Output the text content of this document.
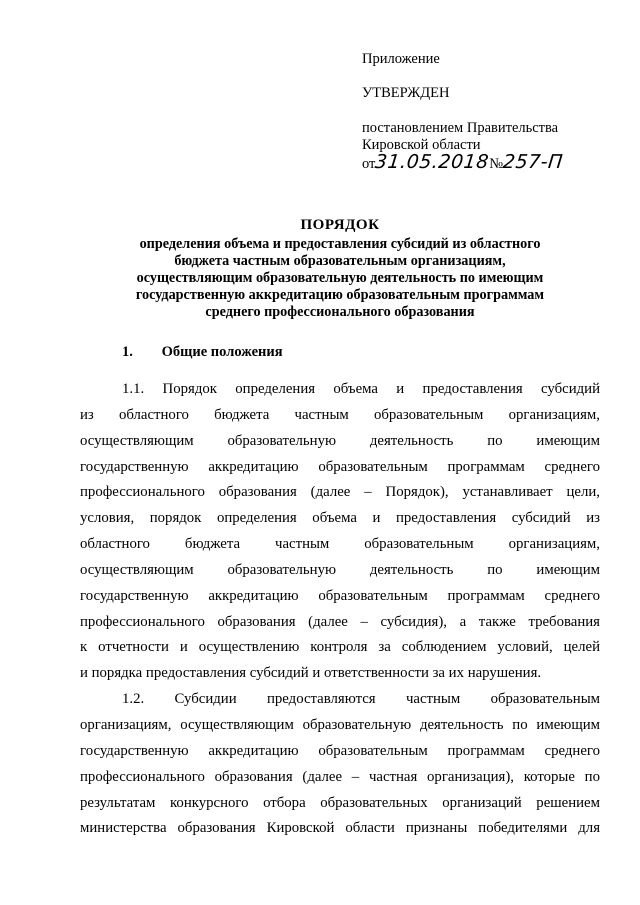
Приложение
УТВЕРЖДЕН
постановлением Правительства
Кировской области
от
31.05.2018
№
257-П
ПОРЯДОК
определения объема и предоставления субсидий из областного
бюджета частным образовательным организациям,
осуществляющим образовательную деятельность по имеющим
государственную аккредитацию образовательным программам
среднего профессионального образования
1. Общие положения
1.1. Порядок определения объема и предоставления субсидий
из областного бюджета частным образовательным организациям,
осуществляющим образовательную деятельность по имеющим
государственную аккредитацию образовательным программам среднего
профессионального образования (далее – Порядок), устанавливает цели,
условия, порядок определения объема и предоставления субсидий из
областного бюджета частным образовательным организациям,
осуществляющим образовательную деятельность по имеющим
государственную аккредитацию образовательным программам среднего
профессионального образования (далее – субсидия), а также требования
к отчетности и осуществлению контроля за соблюдением условий, целей
и порядка предоставления субсидий и ответственности за их нарушения.
1.2. Субсидии предоставляются частным образовательным
организациям, осуществляющим образовательную деятельность по имеющим
государственную аккредитацию образовательным программам среднего
профессионального образования (далее – частная организация), которые по
результатам конкурсного отбора образовательных организаций решением
министерства образования Кировской области признаны победителями для
